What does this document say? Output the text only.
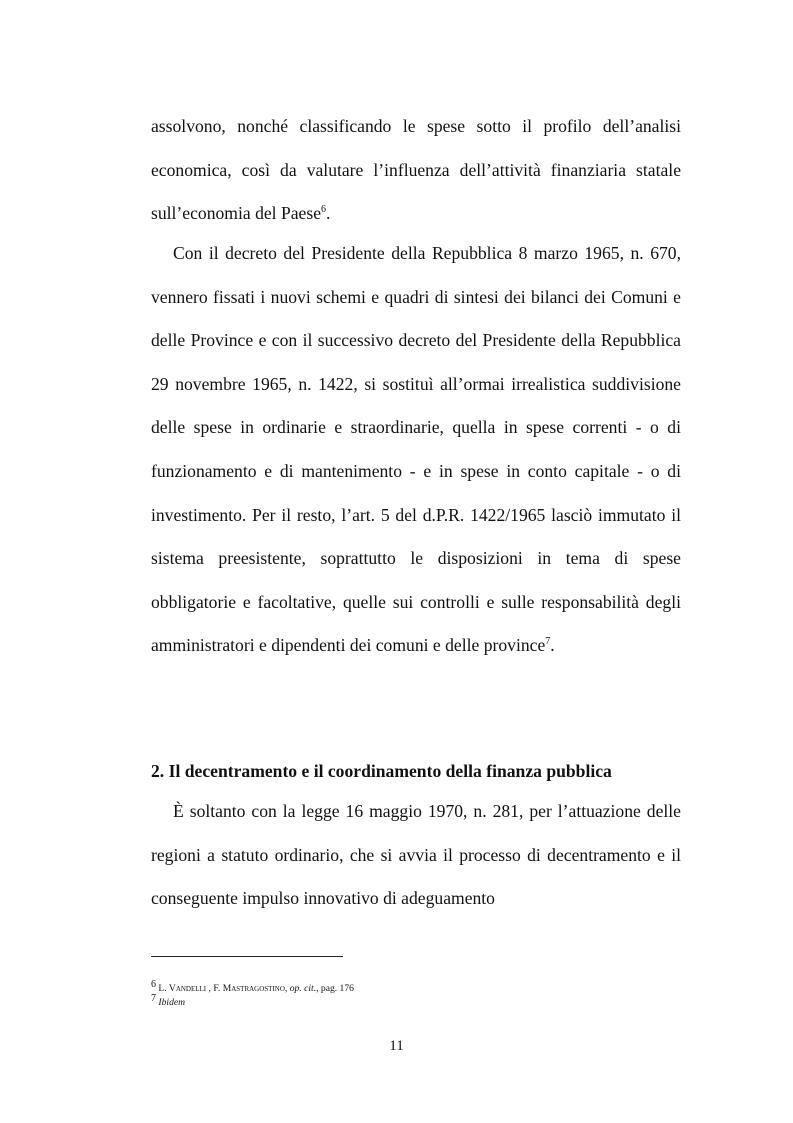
assolvono, nonché classificando le spese sotto il profilo dell’analisi economica, così da valutare l’influenza dell’attività finanziaria statale sull’economia del Paese$^6$.

Con il decreto del Presidente della Repubblica 8 marzo 1965, n. 670, vennero fissati i nuovi schemi e quadri di sintesi dei bilanci dei Comuni e delle Province e con il successivo decreto del Presidente della Repubblica 29 novembre 1965, n. 1422, si sostituì all’ormai irrealistica suddivisione delle spese in ordinarie e straordinarie, quella in spese correnti - o di funzionamento e di mantenimento - e in spese in conto capitale - o di investimento. Per il resto, l’art. 5 del d.P.R. 1422/1965 lasciò immutato il sistema preesistente, soprattutto le disposizioni in tema di spese obbligatorie e facoltative, quelle sui controlli e sulle responsabilità degli amministratori e dipendenti dei comuni e delle province$^7$.

2. Il decentramento e il coordinamento della finanza pubblica

È soltanto con la legge 16 maggio 1970, n. 281, per l’attuazione delle regioni a statuto ordinario, che si avvia il processo di decentramento e il conseguente impulso innovativo di adeguamento

$^6$ L. Vandelli , F. Mastragostino, op. cit., pag. 176

$^7$ Ibidem

11
